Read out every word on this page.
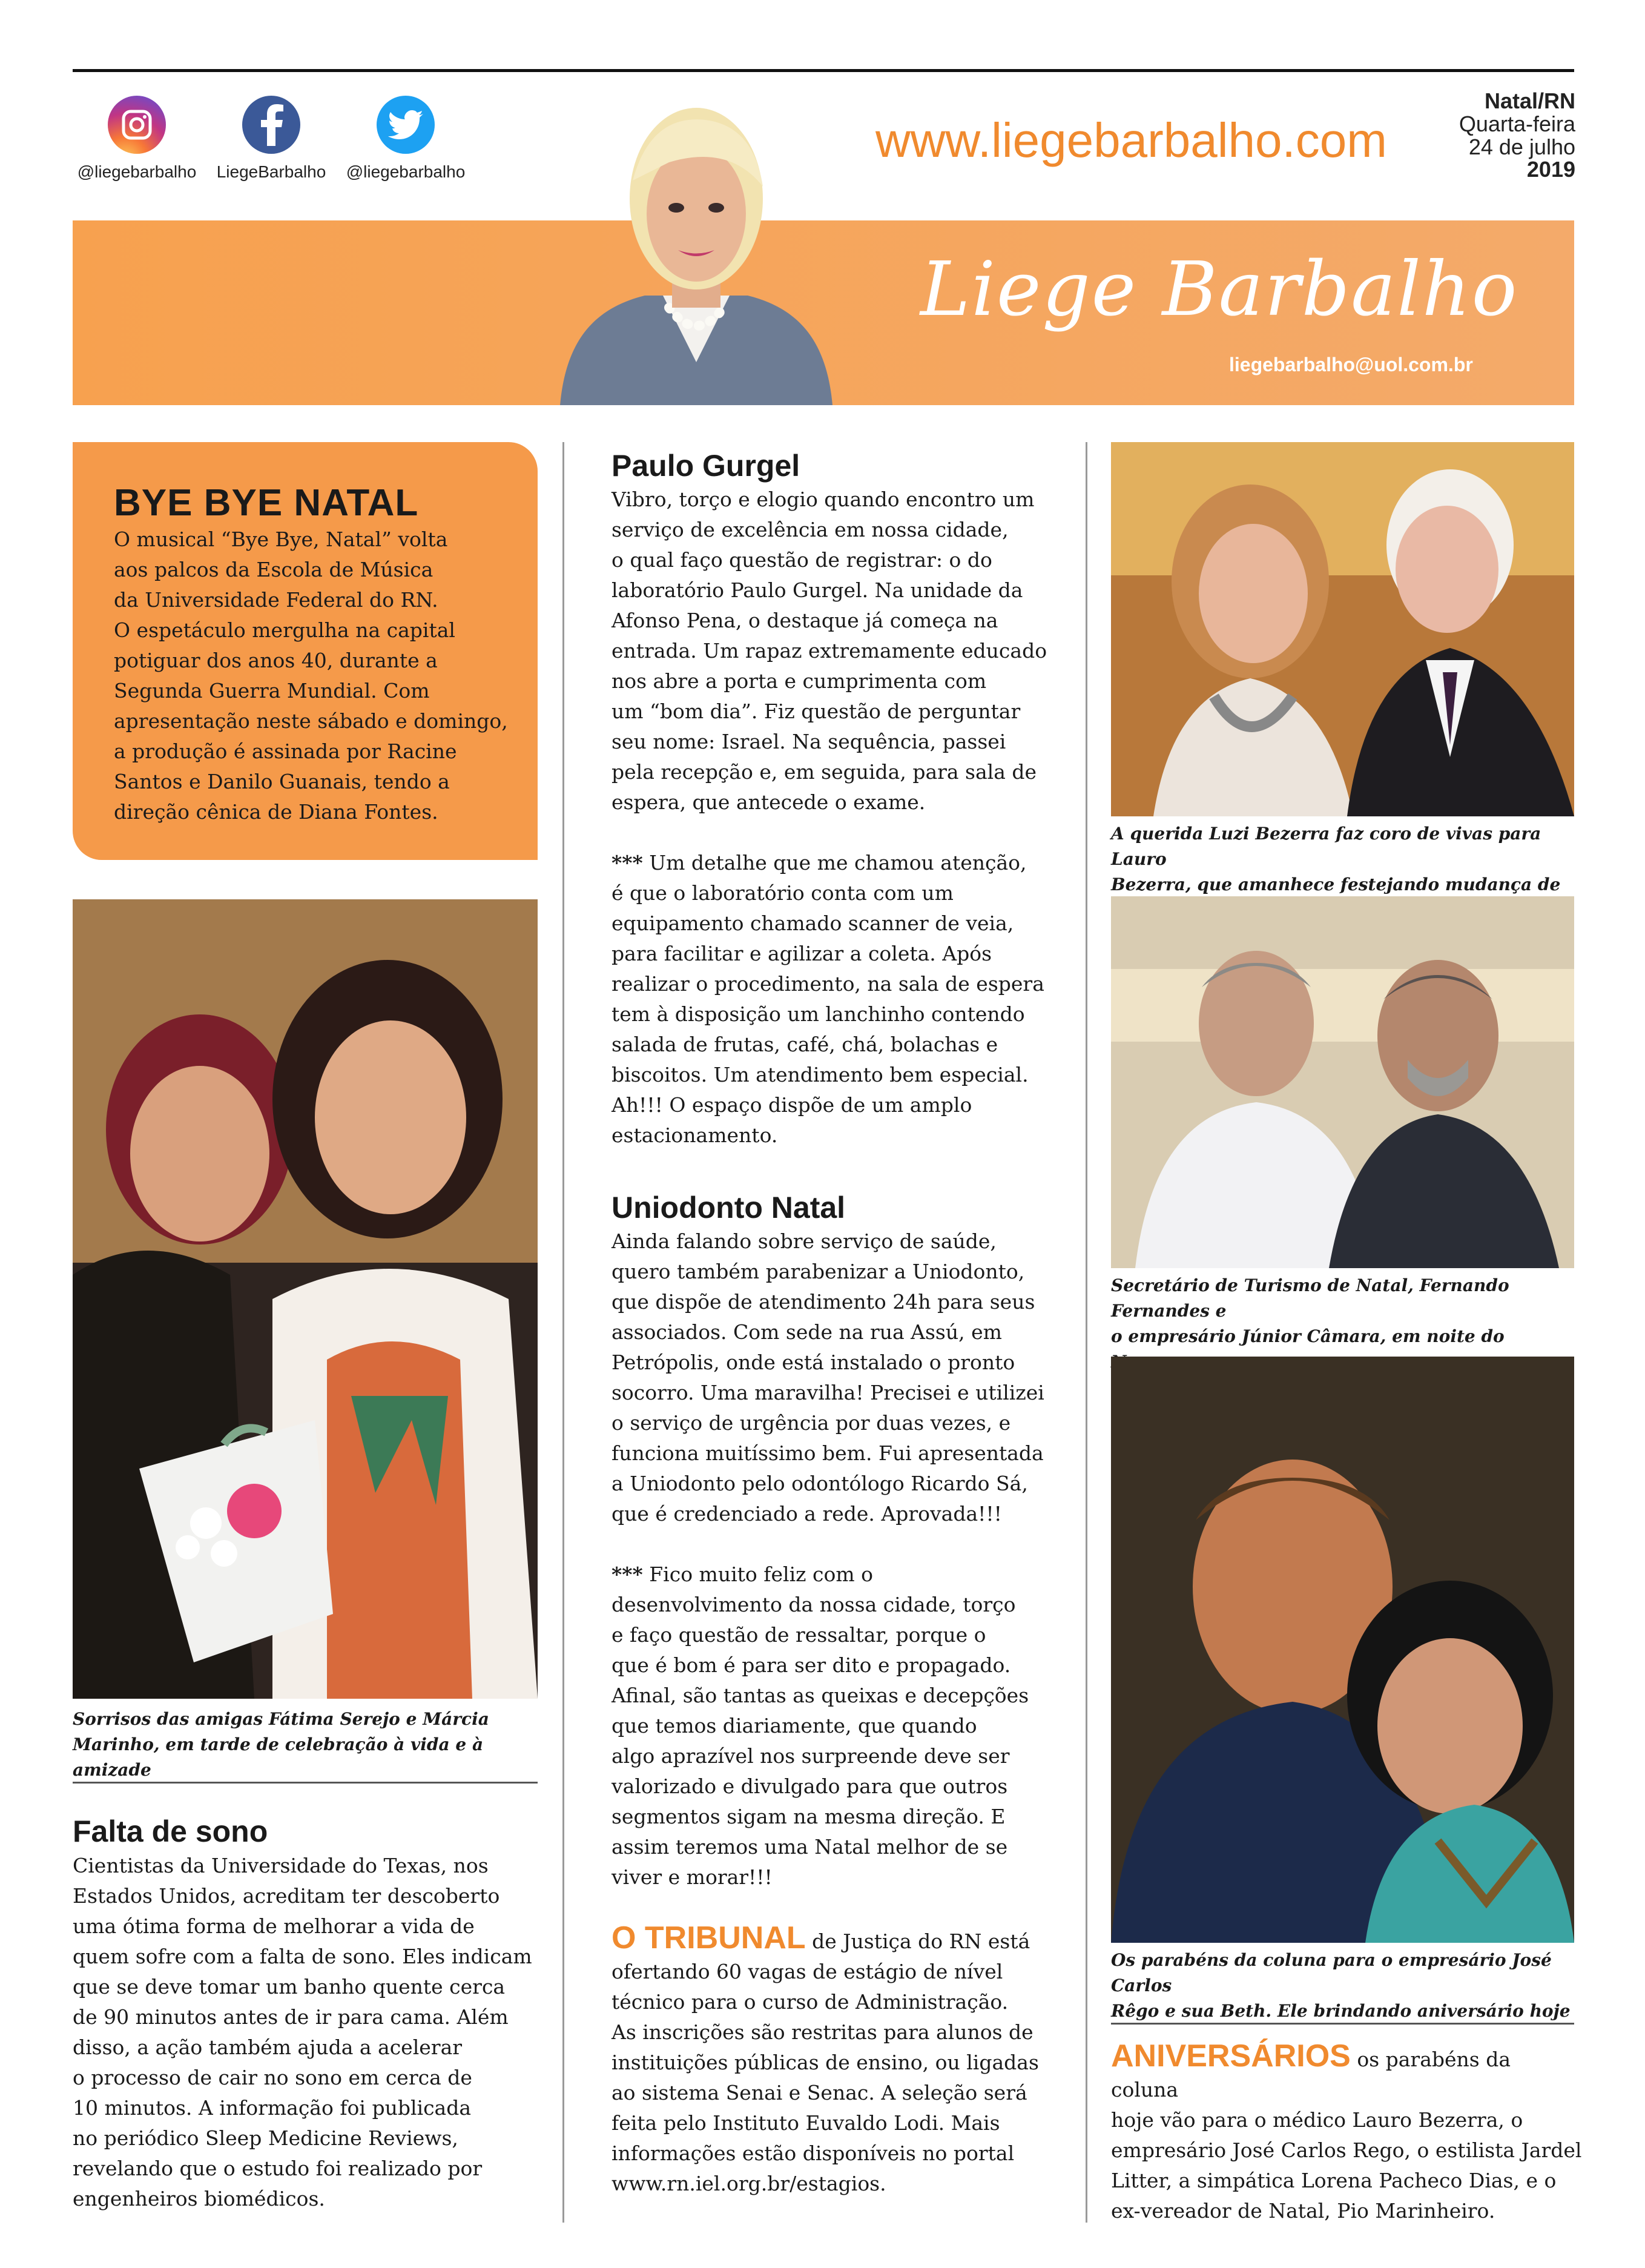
@liegebarbalho	LiegeBarbalho	@liegebarbalho
www.liegebarbalho.com
Natal/RN
Quarta-feira
24 de julho
2019
Liege Barbalho
liegebarbalho@uol.com.br
BYE BYE NATAL
O musical “Bye Bye, Natal” volta
aos palcos da Escola de Música
da Universidade Federal do RN.
O espetáculo mergulha na capital
potiguar dos anos 40, durante a
Segunda Guerra Mundial. Com
apresentação neste sábado e domingo,
a produção é assinada por Racine
Santos e Danilo Guanais, tendo a
direção cênica de Diana Fontes.
Sorrisos das amigas Fátima Serejo e Márcia
Marinho, em tarde de celebração à vida e à amizade
Falta de sono
Cientistas da Universidade do Texas, nos
Estados Unidos, acreditam ter descoberto
uma ótima forma de melhorar a vida de
quem sofre com a falta de sono. Eles indicam
que se deve tomar um banho quente cerca
de 90 minutos antes de ir para cama. Além
disso, a ação também ajuda a acelerar
o processo de cair no sono em cerca de
10 minutos. A informação foi publicada
no periódico Sleep Medicine Reviews,
revelando que o estudo foi realizado por
engenheiros biomédicos.
Paulo Gurgel
Vibro, torço e elogio quando encontro um
serviço de excelência em nossa cidade,
o qual faço questão de registrar: o do
laboratório Paulo Gurgel. Na unidade da
Afonso Pena, o destaque já começa na
entrada. Um rapaz extremamente educado
nos abre a porta e cumprimenta com
um “bom dia”. Fiz questão de perguntar
seu nome: Israel. Na sequência, passei
pela recepção e, em seguida, para sala de
espera, que antecede o exame.
*** Um detalhe que me chamou atenção,
é que o laboratório conta com um
equipamento chamado scanner de veia,
para facilitar e agilizar a coleta. Após
realizar o procedimento, na sala de espera
tem à disposição um lanchinho contendo
salada de frutas, café, chá, bolachas e
biscoitos. Um atendimento bem especial.
Ah!!! O espaço dispõe de um amplo
estacionamento.
Uniodonto Natal
Ainda falando sobre serviço de saúde,
quero também parabenizar a Uniodonto,
que dispõe de atendimento 24h para seus
associados. Com sede na rua Assú, em
Petrópolis, onde está instalado o pronto
socorro. Uma maravilha! Precisei e utilizei
o serviço de urgência por duas vezes, e
funciona muitíssimo bem. Fui apresentada
a Uniodonto pelo odontólogo Ricardo Sá,
que é credenciado a rede. Aprovada!!!
*** Fico muito feliz com o
desenvolvimento da nossa cidade, torço
e faço questão de ressaltar, porque o
que é bom é para ser dito e propagado.
Afinal, são tantas as queixas e decepções
que temos diariamente, que quando
algo aprazível nos surpreende deve ser
valorizado e divulgado para que outros
segmentos sigam na mesma direção. E
assim teremos uma Natal melhor de se
viver e morar!!!
O TRIBUNAL de Justiça do RN está
ofertando 60 vagas de estágio de nível
técnico para o curso de Administração.
As inscrições são restritas para alunos de
instituições públicas de ensino, ou ligadas
ao sistema Senai e Senac. A seleção será
feita pelo Instituto Euvaldo Lodi. Mais
informações estão disponíveis no portal
www.rn.iel.org.br/estagios.
A querida Luzi Bezerra faz coro de vivas para Lauro
Bezerra, que amanhece festejando mudança de
Secretário de Turismo de Natal, Fernando Fernandes e
o empresário Júnior Câmara, em noite do
Os parabéns da coluna para o empresário José Carlos
Rêgo e sua Beth. Ele brindando aniversário hoje
ANIVERSÁRIOS os parabéns da coluna
hoje vão para o médico Lauro Bezerra, o
empresário José Carlos Rego, o estilista Jardel
Litter, a simpática Lorena Pacheco Dias, e o
ex-vereador de Natal, Pio Marinheiro.
